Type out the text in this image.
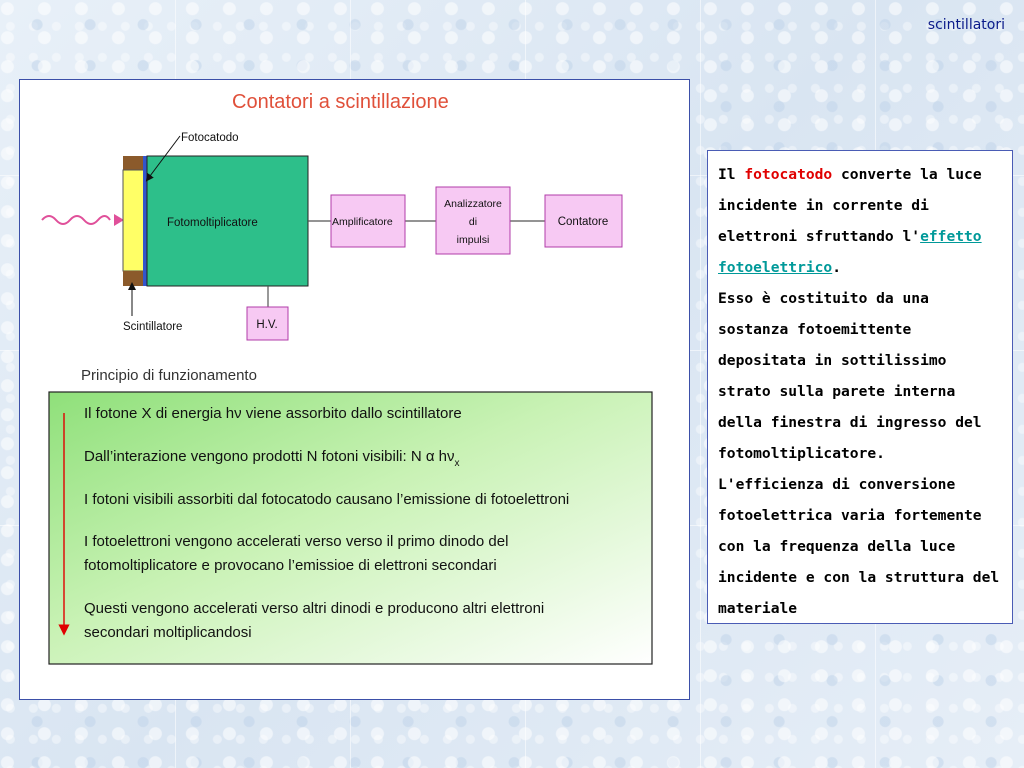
scintillatori
Contatori a scintillazione
Fotomoltiplicatore
Fotocatodo
Scintillatore
Amplificatore
Analizzatore
di
impulsi
Contatore
H.V.
Principio di funzionamento
Il fotone X di energia hν viene assorbito dallo scintillatore
Dall’interazione vengono prodotti N fotoni visibili: N α $h\nu_x$
I fotoni visibili assorbiti dal fotocatodo causano l’emissione di fotoelettroni
I fotoelettroni vengono accelerati verso verso il primo dinodo del
fotomoltiplicatore e provocano l’emissioe di elettroni secondari
Questi vengono accelerati verso altri dinodi e producono altri elettroni
secondari moltiplicandosi
Il fotocatodo converte la luce incidente in corrente di elettroni sfruttando l'effetto fotoelettrico.
Esso è costituito da una sostanza fotoemittente depositata in sottilissimo strato sulla parete interna della finestra di ingresso del fotomoltiplicatore.
L'efficienza di conversione fotoelettrica varia fortemente con la frequenza della luce incidente e con la struttura del materiale
